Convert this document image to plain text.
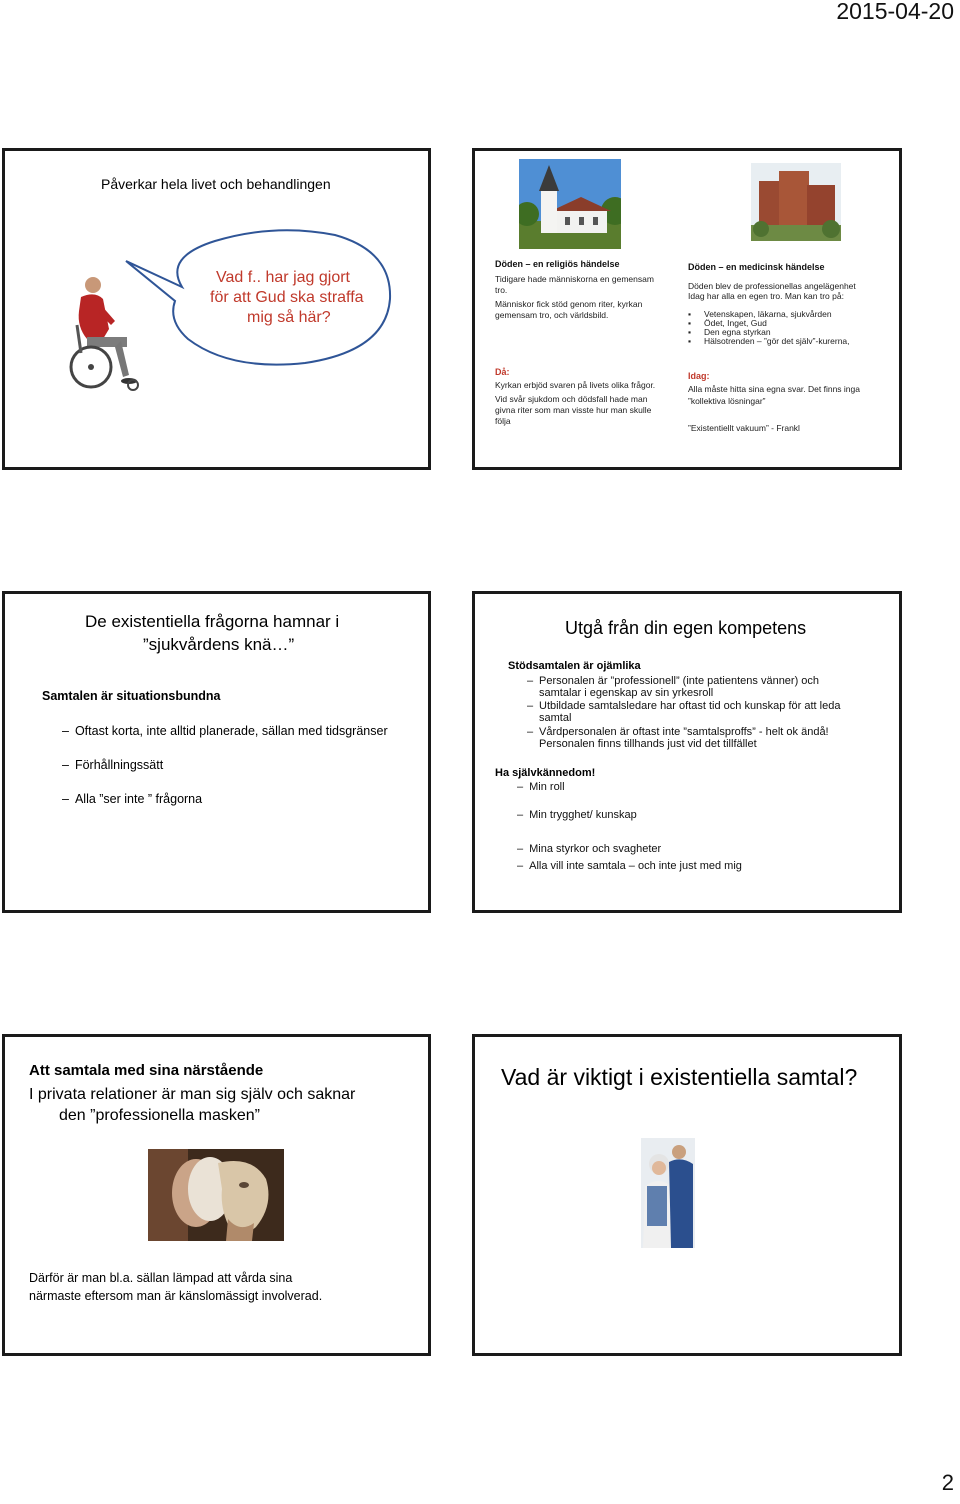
2015-04-20
2
Påverkar hela livet och behandlingen
Vad f.. har jag gjort
för att Gud ska straffa
mig så här?
Döden – en religiös händelse
Tidigare hade människorna en gemensam
tro.
Människor fick stöd genom riter, kyrkan
gemensam tro, och världsbild.
Döden – en medicinsk händelse
Döden blev de professionellas angelägenhet
Idag har alla en egen tro. Man kan tro på:
▪ Vetenskapen, läkarna, sjukvården
▪ Ödet, Inget, Gud
▪ Den egna styrkan
▪ Hälsotrenden – ”gör det själv”-kurerna,
Då:
Kyrkan erbjöd svaren på livets olika frågor.
Vid svår sjukdom och dödsfall hade man
givna riter som man visste hur man skulle
följa
Idag:
Alla måste hitta sina egna svar. Det finns inga
”kollektiva lösningar”
”Existentiellt vakuum” - Frankl
De existentiella frågorna hamnar i
”sjukvårdens knä…”
Samtalen är situationsbundna
– Oftast korta, inte alltid planerade, sällan med tidsgränser
– Förhållningssätt
– Alla ”ser inte ” frågorna
Utgå från din egen kompetens
Stödsamtalen är ojämlika
Personalen är ”professionell” (inte patientens vänner) och
–
samtalar i egenskap av sin yrkesroll
– Utbildade samtalsledare har oftast tid och kunskap för att leda
samtal
– Vårdpersonalen är oftast inte ”samtalsproffs” - helt ok ändå!
Personalen finns tillhands just vid det tillfället
Ha självkännedom!
– Min roll
– Min trygghet/ kunskap
– Mina styrkor och svagheter
– Alla vill inte samtala – och inte just med mig
Att samtala med sina närstående
I privata relationer är man sig själv och saknar
den ”professionella masken”
Därför är man bl.a. sällan lämpad att vårda sina
närmaste eftersom man är känslomässigt involverad.
Vad är viktigt i existentiella samtal?
